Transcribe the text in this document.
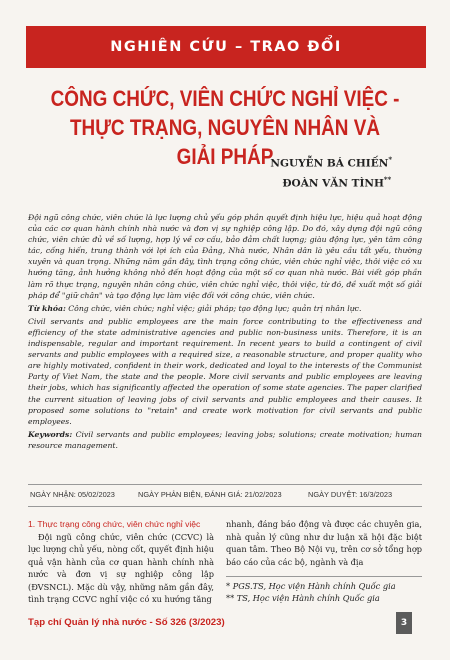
NGHIÊN CỨU – TRAO ĐỔI
CÔNG CHỨC, VIÊN CHỨC NGHỈ VIỆC -
THỰC TRẠNG, NGUYÊN NHÂN VÀ GIẢI PHÁP
NGUYỄN BÁ CHIẾN*
ĐOÀN VĂN TÌNH**

Đội ngũ công chức, viên chức là lực lượng chủ yếu góp phần quyết định hiệu lực, hiệu quả hoạt động của các cơ quan hành chính nhà nước và đơn vị sự nghiệp công lập. Do đó, xây dựng đội ngũ công chức, viên chức đủ về số lượng, hợp lý về cơ cấu, bảo đảm chất lượng; giàu động lực, yên tâm công tác, cống hiến, trung thành với lợi ích của Đảng, Nhà nước, Nhân dân là yêu cầu tất yếu, thường xuyên và quan trọng. Những năm gần đây, tình trạng công chức, viên chức nghỉ việc, thôi việc có xu hướng tăng, ảnh hưởng không nhỏ đến hoạt động của một số cơ quan nhà nước. Bài viết góp phần làm rõ thực trạng, nguyên nhân công chức, viên chức nghỉ việc, thôi việc, từ đó, đề xuất một số giải pháp để "giữ chân" và tạo động lực làm việc đối với công chức, viên chức.

Từ khóa: Công chức, viên chức; nghỉ việc; giải pháp; tạo động lực; quản trị nhân lực.

Civil servants and public employees are the main force contributing to the effectiveness and efficiency of the state administrative agencies and public non-business units. Therefore, it is an indispensable, regular and important requirement. In recent years to build a contingent of civil servants and public employees with a required size, a reasonable structure, and proper quality who are highly motivated, confident in their work, dedicated and loyal to the interests of the Communist Party of Viet Nam, the state and the people. More civil servants and public employees are leaving their jobs, which has significantly affected the operation of some state agencies. The paper clarified the current situation of leaving jobs of civil servants and public employees and their causes. It proposed some solutions to "retain" and create work motivation for civil servants and public employees.

Keywords: Civil servants and public employees; leaving jobs; solutions; create motivation; human resource management.

NGÀY NHẬN: 05/02/2023	NGÀY PHẢN BIỆN, ĐÁNH GIÁ: 21/02/2023	NGÀY DUYỆT: 16/3/2023
1. Thực trạng công chức, viên chức nghỉ việc

Đội ngũ công chức, viên chức (CCVC) là lực lượng chủ yếu, nòng cốt, quyết định hiệu quả vận hành của cơ quan hành chính nhà nước và đơn vị sự nghiệp công lập (ĐVSNCL). Mặc dù vậy, những năm gần đây, tình trạng CCVC nghỉ việc có xu hướng tăng

nhanh, đáng báo động và được các chuyên gia, nhà quản lý cũng như dư luận xã hội đặc biệt quan tâm. Theo Bộ Nội vụ, trên cơ sở tổng hợp báo cáo của các bộ, ngành và địa

* PGS.TS, Học viện Hành chính Quốc gia
** TS, Học viện Hành chính Quốc gia
Tạp chí Quản lý nhà nước - Số 326 (3/2023)	3
